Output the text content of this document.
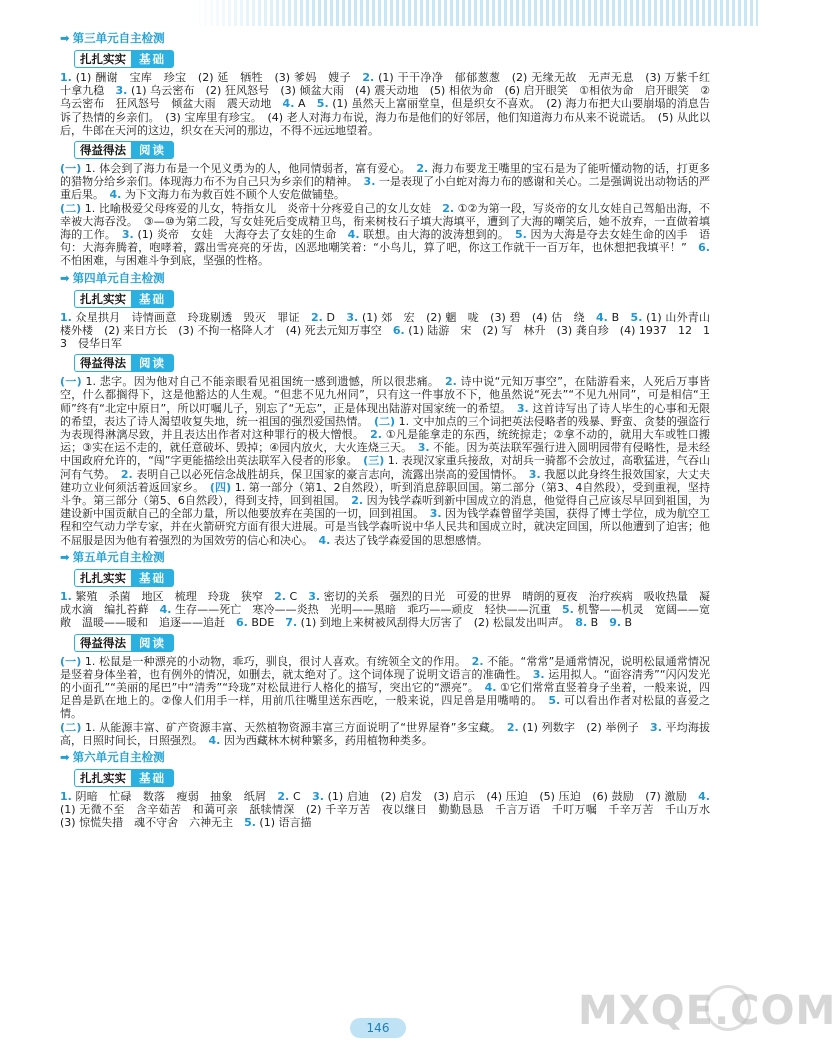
➡ 第三单元自主检测
扎扎实实	基础

1. (1) 酬谢　宝库　珍宝　(2) 延　牺牲　(3) 爹妈　嫂子　2. (1) 干干净净　郁郁葱葱　(2) 无缘无故　无声无息　(3) 万紫千红　十拿九稳　3. (1) 乌云密布　(2) 狂风怒号　(3) 倾盆大雨　(4) 震天动地　(5) 相依为命　(6) 启开眼笑　①相依为命　启开眼笑　②乌云密布　狂风怒号　倾盆大雨　震天动地　4. A　5. (1) 虽然天上富丽堂皇，但是织女不喜欢。　(2) 海力布把大山要崩塌的消息告诉了热情的乡亲们。　(3) 宝库里有珍宝。　(4) 老人对海力布说，海力布是他们的好邻居，他们知道海力布从来不说谎话。　(5) 从此以后，牛郎在天河的这边，织女在天河的那边，不得不远远地望着。

得益得法	阅读

(一) 1. 体会到了海力布是一个见义勇为的人，他同情弱者，富有爱心。　2. 海力布要龙王嘴里的宝石是为了能听懂动物的话，打更多的猎物分给乡亲们。体现海力布不为自己只为乡亲们的精神。　3. 一是表现了小白蛇对海力布的感谢和关心。二是强调说出动物话的严重后果。　4. 为下文海力布为救百姓不顾个人安危做铺垫。

(二) 1. 比喻极爱父母疼爱的儿女，特指女儿　炎帝十分疼爱自己的女儿女娃　2. ①②为第一段，写炎帝的女儿女娃自己驾船出海，不幸被大海吞没。　③—⑩为第二段，写女娃死后变成精卫鸟，衔来树枝石子填大海填平，遭到了大海的嘲笑后，她不放弃，一直做着填海的工作。　3. (1) 炎帝　女娃　大海夺去了女娃的生命　4. 联想。由大海的波涛想到的。　5. 因为大海是夺去女娃生命的凶手　语句：大海奔腾着，咆哮着，露出雪亮亮的牙齿，凶恶地嘲笑着：“小鸟儿，算了吧，你这工作就干一百万年，也休想把我填平！”　6. 不怕困难，与困难斗争到底，坚强的性格。

➡ 第四单元自主检测
扎扎实实	基础

1. 众星拱月　诗情画意　玲珑剔透　毁灭　罪证　2. D　3. (1) 郊　宏　(2) 魍　咙　(3) 碧　(4) 估　绕　4. B　5. (1) 山外青山楼外楼　(2) 来日方长　(3) 不拘一格降人才　(4) 死去元知万事空　6. (1) 陆游　宋　(2) 写　林升　(3) 龚自珍　(4) 1937　12　13　侵华日军

得益得法	阅读

(一) 1. 悲字。因为他对自己不能亲眼看见祖国统一感到遗憾，所以很悲痛。　2. 诗中说“元知万事空”，在陆游看来，人死后万事皆空，什么都搁得下，这是他豁达的人生观。“但悲不见九州同”，只有这一件事放不下，他虽然说“死去”“不见九州同”，可是相信“王师”终有“北定中原日”，所以叮嘱儿子，别忘了“无忘”，正是体现出陆游对国家统一的希望。　3. 这首诗写出了诗人毕生的心事和无限的希望，表达了诗人渴望收复失地，统一祖国的强烈爱国热情。　(二) 1. 文中加点的三个词把英法侵略者的残暴、野蛮、贪婪的强盗行为表现得淋漓尽致，并且表达出作者对这种罪行的极大憎恨。　2. ①凡是能拿走的东西，统统掠走；②拿不动的，就用大车或牲口搬运；③实在运不走的，就任意破坏、毁掉；④园内放火，大火连烧三天。　3. 不能。因为英法联军强行进入圆明园带有侵略性，是未经中国政府允许的，“闯”字更能描绘出英法联军入侵者的形象。　(三) 1. 表现汉家重兵接敌，对胡兵一骑都不会放过，高歌猛进，气吞山河有气势。　2. 表明自己以必死信念战胜胡兵，保卫国家的豪言志向，流露出崇高的爱国情怀。　3. 我愿以此身终生报效国家，大丈夫建功立业何须活着返回家乡。　(四) 1. 第一部分（第1、2自然段），听到消息辞职回国。第二部分（第3、4自然段），受到重视，坚持斗争。第三部分（第5、6自然段），得到支持，回到祖国。　2. 因为钱学森听到新中国成立的消息，他觉得自己应该尽早回到祖国，为建设新中国贡献自己的全部力量，所以他要放弃在美国的一切，回到祖国。　3. 因为钱学森曾留学美国，获得了博士学位，成为航空工程和空气动力学专家，并在火箭研究方面有很大进展。可是当钱学森听说中华人民共和国成立时，就决定回国，所以他遭到了迫害；他不屈服是因为他有着强烈的为国效劳的信心和决心。　4. 表达了钱学森爱国的思想感情。

➡ 第五单元自主检测
扎扎实实	基础

1. 繁殖　杀菌　地区　梳理　玲珑　狭窄　2. C　3. 密切的关系　强烈的日光　可爱的世界　晴朗的夏夜　治疗疾病　吸收热量　凝成水滴　编扎苔藓　4. 生存——死亡　寒冷——炎热　光明——黑暗　乖巧——顽皮　轻快——沉重　5. 机警——机灵　宽阔——宽敞　温暖——暖和　追逐——追赶　6. BDE　7. (1) 到地上来树被风刮得大厉害了　(2) 松鼠发出叫声。　8. B　9. B

得益得法	阅读

(一) 1. 松鼠是一种漂亮的小动物，乖巧，驯良，很讨人喜欢。有统领全文的作用。　2. 不能。“常常”是通常情况，说明松鼠通常情况是竖着身体坐着，也有例外的情况，如删去，就太绝对了。这个词体现了说明文语言的准确性。　3. 运用拟人。“面容清秀”“闪闪发光的小面孔”“美丽的尾巴”中“清秀”“玲珑”对松鼠进行人格化的描写，突出它的“漂亮”。　4. ①它们常常直竖着身子坐着，一般来说，四足兽是趴在地上的。②像人们用手一样，用前爪往嘴里送东西吃，一般来说，四足兽是用嘴啃的。　5. 可以看出作者对松鼠的喜爱之情。

(二) 1. 从能源丰富、矿产资源丰富、天然植物资源丰富三方面说明了“世界屋脊”多宝藏。　2. (1) 列数字　(2) 举例子　3. 平均海拔高，日照时间长，日照强烈。　4. 因为西藏林木树种繁多，药用植物种类多。

➡ 第六单元自主检测
扎扎实实	基础

1. 阴暗　忙碌　数落　瘦弱　抽象　纸屑　2. C　3. (1) 启迪　(2) 启发　(3) 启示　(4) 压迫　(5) 压迫　(6) 鼓励　(7) 激励　4. (1) 无微不至　含辛茹苦　和蔼可亲　舐犊情深　(2) 千辛万苦　夜以继日　勤勤恳恳　千言万语　千叮万嘱　千辛万苦　千山万水　(3) 惊慌失措　魂不守舍　六神无主　5. (1) 语言描

MXQE.COM
146
